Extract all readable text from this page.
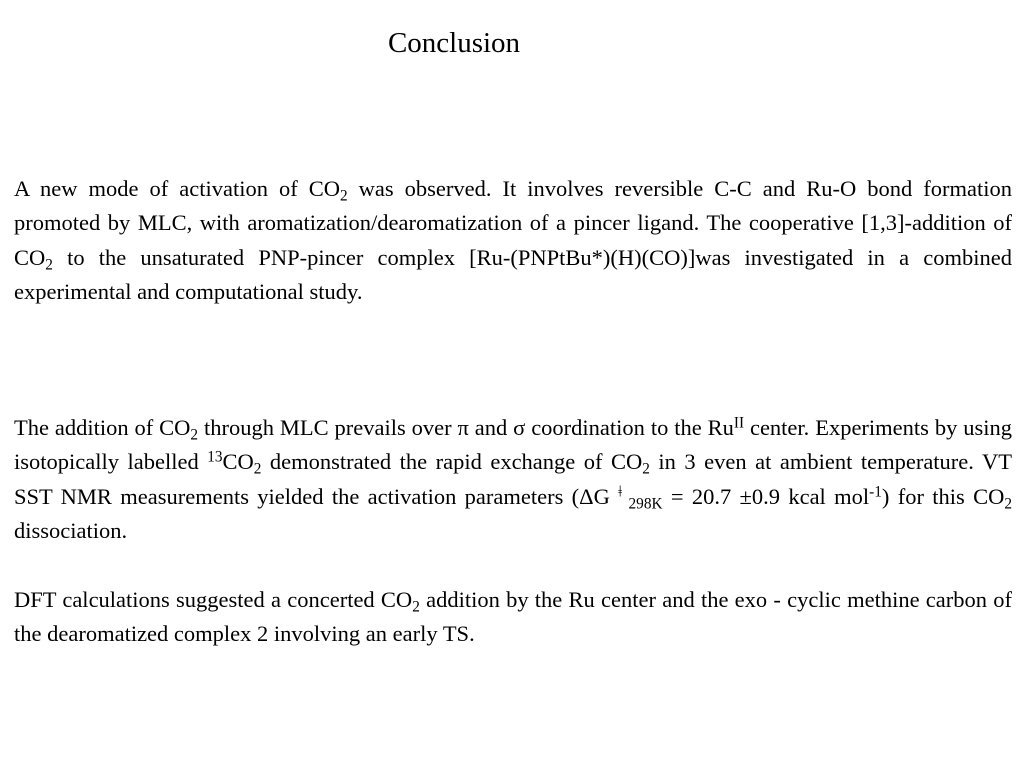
Conclusion

A new mode of activation of $CO_2$ was observed. It involves reversible C-C and Ru-O bond formation promoted by MLC, with aromatization/dearomatization of a pincer ligand. The cooperative [1,3]-addition of $CO_2$ to the unsaturated PNP-pincer complex [Ru-(PNPtBu*)(H)(CO)]was investigated in a combined experimental and computational study.

The addition of $CO_2$ through MLC prevails over π and σ coordination to the $Ru^{II}$ center. Experiments by using isotopically labelled $^{13}CO_2$ demonstrated the rapid exchange of $CO_2$ in 3 even at ambient temperature. VT SST NMR measurements yielded the activation parameters (ΔG $^ǂ$ $_{298K}$ = 20.7 ±0.9 kcal mol$^{-1}$) for this $CO_2$ dissociation.

DFT calculations suggested a concerted $CO_2$ addition by the Ru center and the exo - cyclic methine carbon of the dearomatized complex 2 involving an early TS.
